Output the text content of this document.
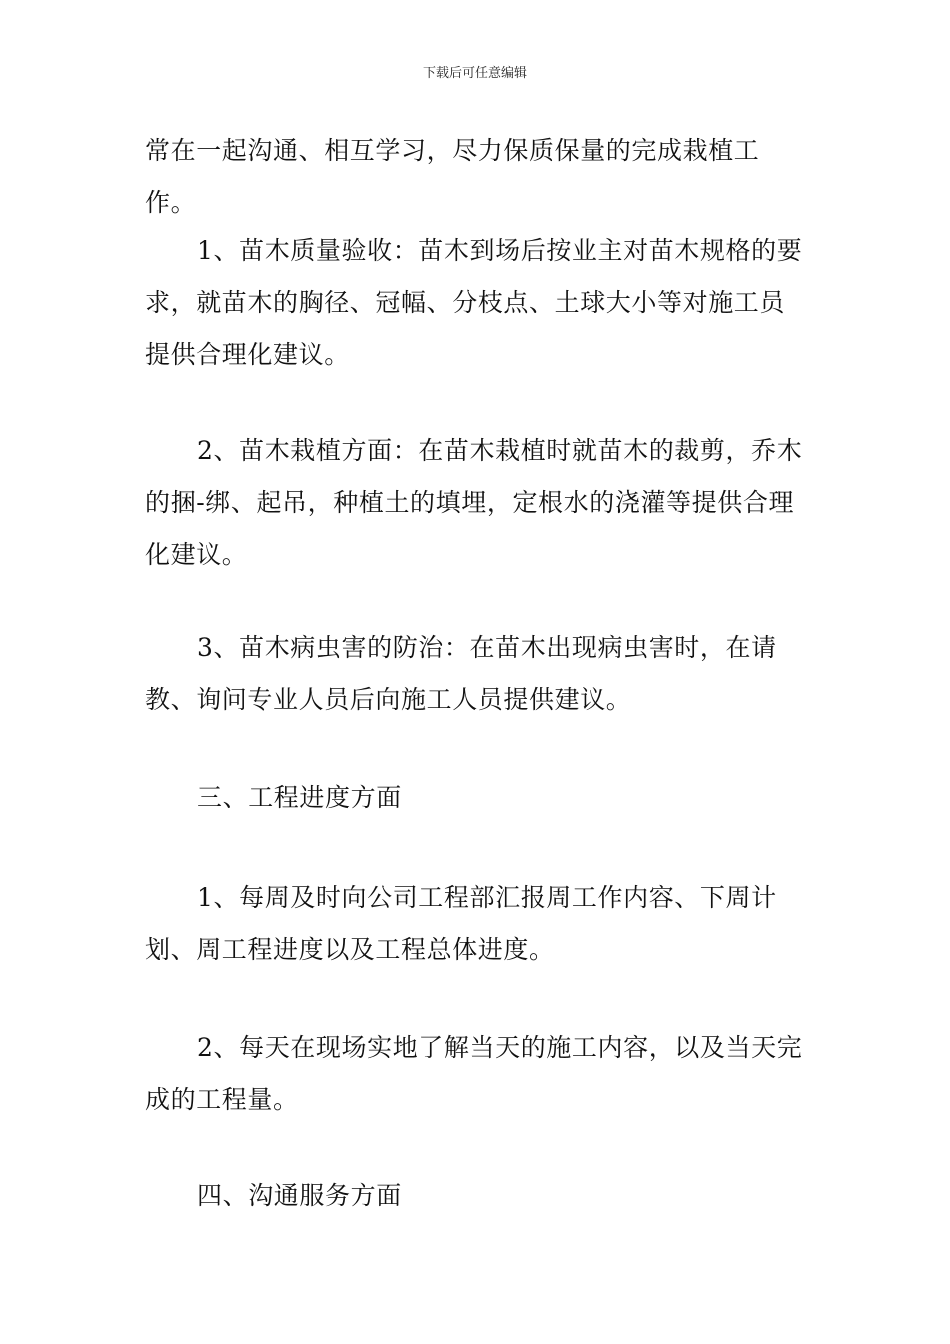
下载后可任意编辑

常在一起沟通、相互学习，尽力保质保量的完成栽植工作。

1、苗木质量验收：苗木到场后按业主对苗木规格的要求，就苗木的胸径、冠幅、分枝点、土球大小等对施工员提供合理化建议。

2、苗木栽植方面：在苗木栽植时就苗木的裁剪，乔木的捆-绑、起吊，种植土的填埋，定根水的浇灌等提供合理化建议。

3、苗木病虫害的防治：在苗木出现病虫害时，在请教、询问专业人员后向施工人员提供建议。

三、工程进度方面

1、每周及时向公司工程部汇报周工作内容、下周计划、周工程进度以及工程总体进度。

2、每天在现场实地了解当天的施工内容，以及当天完成的工程量。

四、沟通服务方面
